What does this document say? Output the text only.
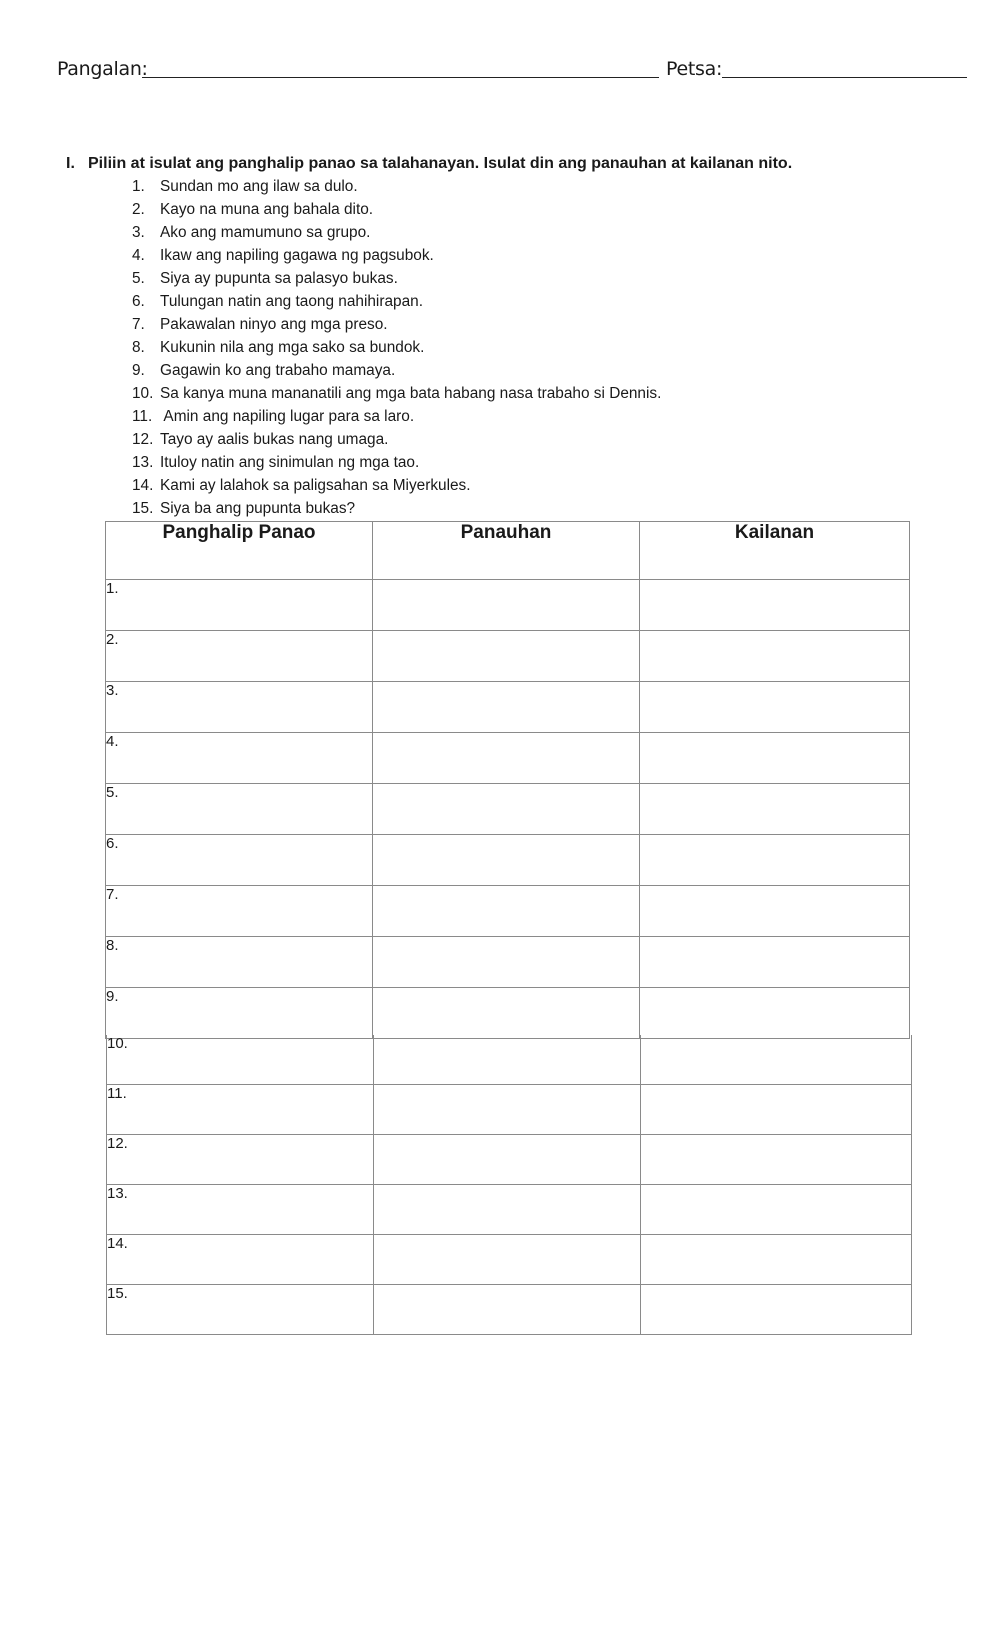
Pangalan:	Petsa:
I. Piliin at isulat ang panghalip panao sa talahanayan. Isulat din ang panauhan at kailanan nito.
1. Sundan mo ang ilaw sa dulo.
2. Kayo na muna ang bahala dito.
3. Ako ang mamumuno sa grupo.
4. Ikaw ang napiling gagawa ng pagsubok.
5. Siya ay pupunta sa palasyo bukas.
6. Tulungan natin ang taong nahihirapan.
7. Pakawalan ninyo ang mga preso.
8. Kukunin nila ang mga sako sa bundok.
9. Gagawin ko ang trabaho mamaya.
10. Sa kanya muna mananatili ang mga bata habang nasa trabaho si Dennis.
11. Amin ang napiling lugar para sa laro.
12. Tayo ay aalis bukas nang umaga.
13. Ituloy natin ang sinimulan ng mga tao.
14. Kami ay lalahok sa paligsahan sa Miyerkules.
15. Siya ba ang pupunta bukas?
Panghalip Panao	Panauhan	Kailanan
1.		
2.		
3.		
4.		
5.		
6.		
7.		
8.		
9.		
10.		
11.		
12.		
13.		
14.		
15.		
